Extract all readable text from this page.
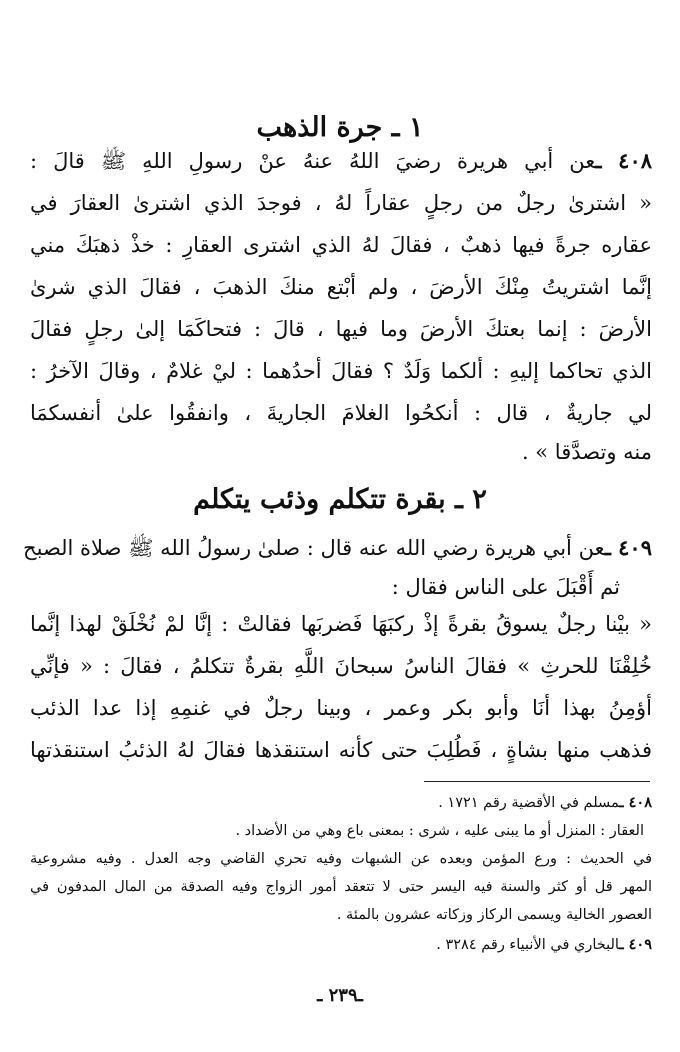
١ ـ جرة الذهب
٤٠٨ ـعن أبي هريرة رضيَ اللهُ عنهُ عنْ رسولِ اللهِ ﷺ قالَ :
« اشترىٰ رجلٌ من رجلٍ عقاراً لهُ ، فوجدَ الذي اشترىٰ العقارَ في
عقاره جرةً فيها ذهبٌ ، فقالَ لهُ الذي اشترى العقارِ : خذْ ذهبَكَ مني
إنَّما اشتريتُ مِنْكَ الأرضَ ، ولم أبْتع منكَ الذهبَ ، فقالَ الذي شرىٰ
الأرضَ : إنما بعتكَ الأرضَ وما فيها ، قالَ : فتحاكَمَا إلىٰ رجلٍ فقالَ
الذي تحاكما إليهِ : ألكما وَلَدٌ ؟ فقالَ أحدُهما : ليْ غلامٌ ، وقالَ الآخرُ :
لي جاريةٌ ، قال : أنكحُوا الغلامَ الجاريةَ ، وانفقُوا علىٰ أنفسكمَا
منه وتصدَّقا » .
٢ ـ بقرة تتكلم وذئب يتكلم
٤٠٩ ـعن أبي هريرة رضي الله عنه قال : صلىٰ رسولُ الله ﷺ صلاة الصبح
ثم أَقْبَلَ على الناس فقال :
« بيْنا رجلٌ يسوقُ بقرةً إذْ ركبَهَا فَضربَها فقالتْ : إنَّا لمْ نُخْلَقْ لهذا إنَّما
خُلِقْنَا للحرثِ » فقالَ الناسُ سبحانَ اللَّهِ بقرةٌ تتكلمُ ، فقالَ : « فإنِّي
أؤمِنُ بهذا أنَا وأبو بكر وعمر ، وبينا رجلٌ في غنمِهِ إذا عدا الذئب
فذهب منها بشاةٍ ، فَطُلِبَ حتى كأنه استنقذها فقالَ لهُ الذئبُ استنقذتها
٤٠٨ ـمسلم في الأقضية رقم ١٧٢١ .
العقار : المنزل أو ما يبنى عليه ، شرى : بمعنى باع وهي من الأضداد .
في الحديث : ورع المؤمن وبعده عن الشبهات وفيه تحري القاضي وجه العدل . وفيه مشروعية
المهر قل أو كثر والسنة فيه اليسر حتى لا تتعقد أمور الزواج وفيه الصدقة من المال المدفون في
العصور الخالية ويسمى الركاز وزكاته عشرون بالمئة .
٤٠٩ ـالبخاري في الأنبياء رقم ٣٢٨٤ .
ـ٢٣٩ ـ
